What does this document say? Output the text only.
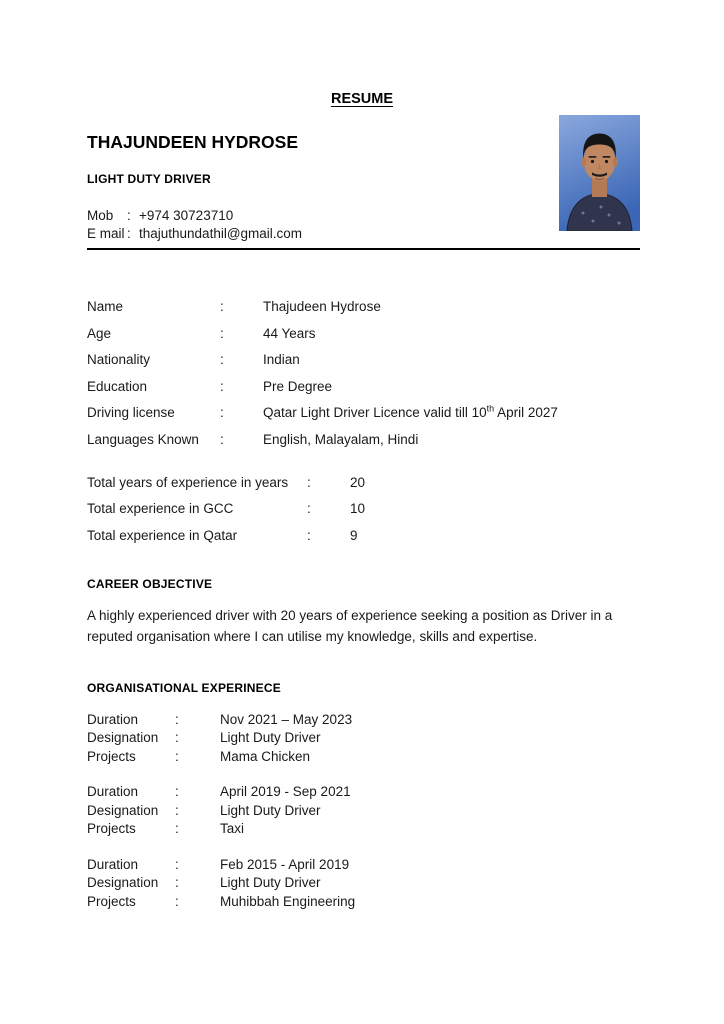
RESUME
THAJUNDEEN HYDROSE
LIGHT DUTY DRIVER
Mob	: +974 30723710
E mail : thajuthundathil@gmail.com
Name	:	Thajudeen Hydrose
Age	:	44 Years
Nationality	:	Indian
Education	:	Pre Degree
Driving license	:	Qatar Light Driver Licence valid till 10th April 2027
Languages Known	:	English, Malayalam, Hindi
Total years of experience in years	:	20
Total experience in GCC	:	10
Total experience in Qatar	:	9
CAREER OBJECTIVE
A highly experienced driver with 20 years of experience seeking a position as Driver in a reputed organisation where I can utilise my knowledge, skills and expertise.
ORGANISATIONAL EXPERINECE
Duration	:	Nov 2021 – May 2023
Designation	:	Light Duty Driver
Projects	:	Mama Chicken
Duration	:	April 2019 - Sep 2021
Designation	:	Light Duty Driver
Projects	:	Taxi
Duration	:	Feb 2015 - April 2019
Designation	:	Light Duty Driver
Projects	:	Muhibbah Engineering
